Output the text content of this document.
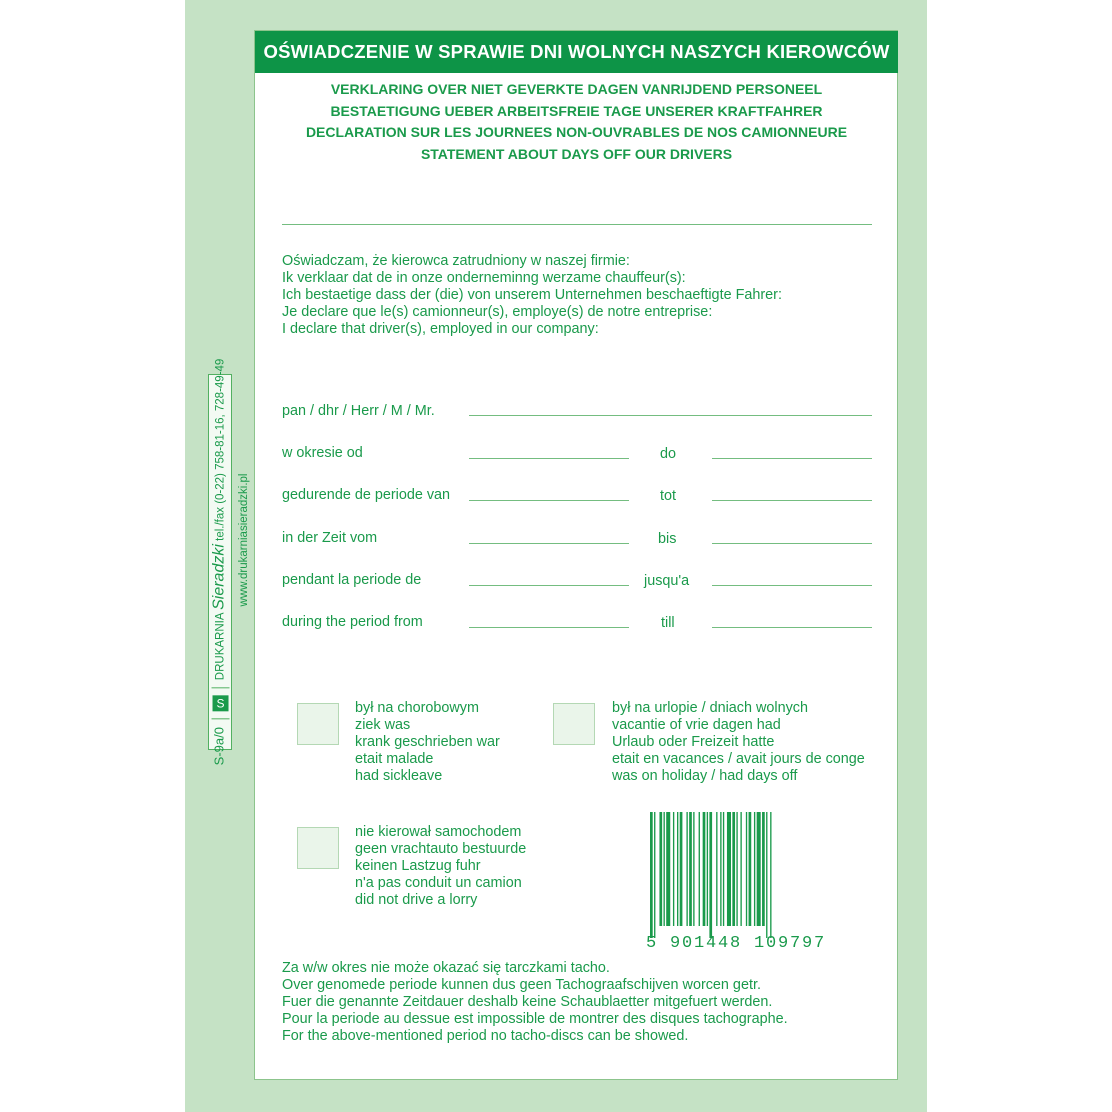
S-9a/0  S  DRUKARNIA Sieradzki tel./fax (0-22) 758-81-16, 728-49-49 www.drukarniasieradzki.pl
OŚWIADCZENIE W SPRAWIE DNI WOLNYCH NASZYCH KIEROWCÓW
VERKLARING OVER NIET GEVERKTE DAGEN VANRIJDEND PERSONEEL
BESTAETIGUNG UEBER ARBEITSFREIE TAGE UNSERER KRAFTFAHRER
DECLARATION SUR LES JOURNEES NON-OUVRABLES DE NOS CAMIONNEURE
STATEMENT ABOUT DAYS OFF OUR DRIVERS
Oświadczam, że kierowca zatrudniony w naszej firmie:
Ik verklaar dat de in onze onderneminng werzame chauffeur(s):
Ich bestaetige dass der (die) von unserem Unternehmen beschaeftigte Fahrer:
Je declare que le(s) camionneur(s), employe(s) de notre entreprise:
I declare that driver(s), employed in our company:
pan / dhr / Herr / M / Mr.
w okresie od	do
gedurende de periode van	tot
in der Zeit vom	bis
pendant la periode de	jusqu'a
during the period from	till
był na chorobowym
ziek was
krank geschrieben war
etait malade
had sickleave
był na urlopie / dniach wolnych
vacantie of vrie dagen had
Urlaub oder Freizeit hatte
etait en vacances / avait jours de conge
was on holiday / had days off
nie kierował samochodem
geen vrachtauto bestuurde
keinen Lastzug fuhr
n'a pas conduit un camion
did not drive a lorry
5 901448 109797
Za w/w okres nie może okazać się tarczkami tacho.
Over genomede periode kunnen dus geen Tachograafschijven worcen getr.
Fuer die genannte Zeitdauer deshalb keine Schaublaetter mitgefuert werden.
Pour la periode au dessue est impossible de montrer des disques tachographe.
For the above-mentioned period no tacho-discs can be showed.
